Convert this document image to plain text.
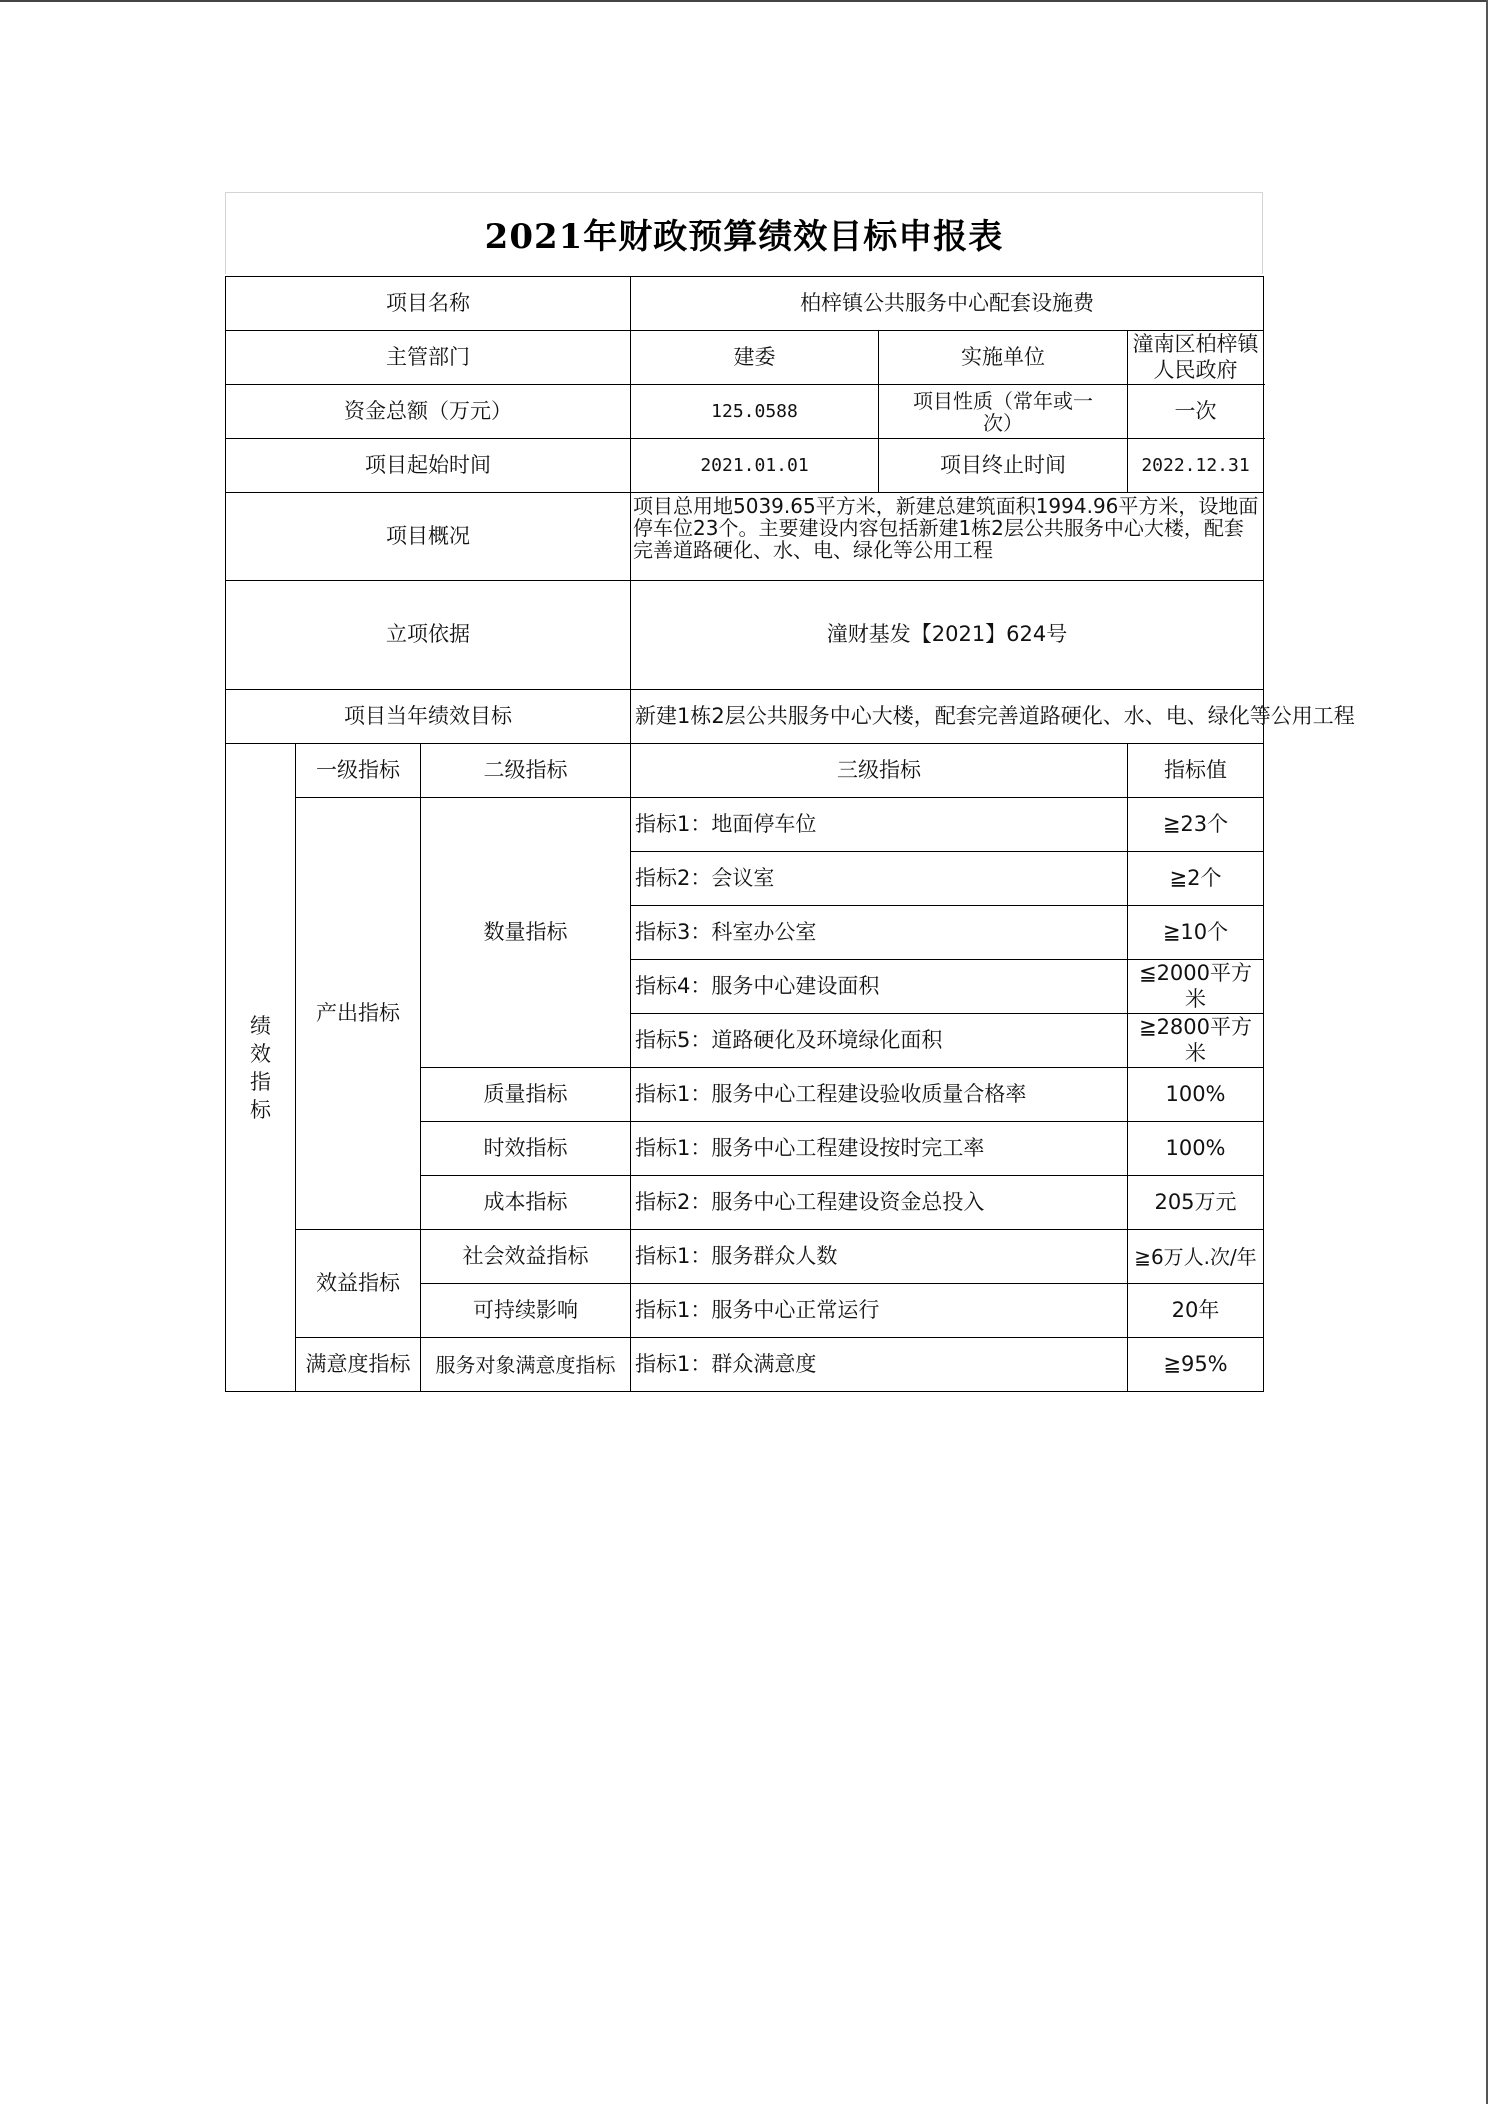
2021年财政预算绩效目标申报表
项目名称			柏梓镇公共服务中心配套设施费		
主管部门			建委	实施单位	潼南区柏梓镇人民政府
资金总额（万元）			125.0588	项目性质（常年或一次）	一次
项目起始时间			2021.01.01	项目终止时间	2022.12.31
项目概况			项目总用地5039.65平方米，新建总建筑面积1994.96平方米，设地面停车位23个。主要建设内容包括新建1栋2层公共服务中心大楼，配套完善道路硬化、水、电、绿化等公用工程		
立项依据			潼财基发【2021】624号		
项目当年绩效目标			新建1栋2层公共服务中心大楼，配套完善道路硬化、水、电、绿化等公用工程		
绩效指标	一级指标	二级指标	三级指标		指标值
	产出指标	数量指标	指标1：地面停车位		≧23个
			指标2：会议室		≧2个
			指标3：科室办公室		≧10个
			指标4：服务中心建设面积		≦2000平方米
			指标5：道路硬化及环境绿化面积		≧2800平方米
		质量指标	指标1：服务中心工程建设验收质量合格率		100%
		时效指标	指标1：服务中心工程建设按时完工率		100%
		成本指标	指标2：服务中心工程建设资金总投入		205万元
	效益指标	社会效益指标	指标1：服务群众人数		≧6万人.次/年
		可持续影响	指标1：服务中心正常运行		20年
	满意度指标	服务对象满意度指标	指标1：群众满意度		≧95%
